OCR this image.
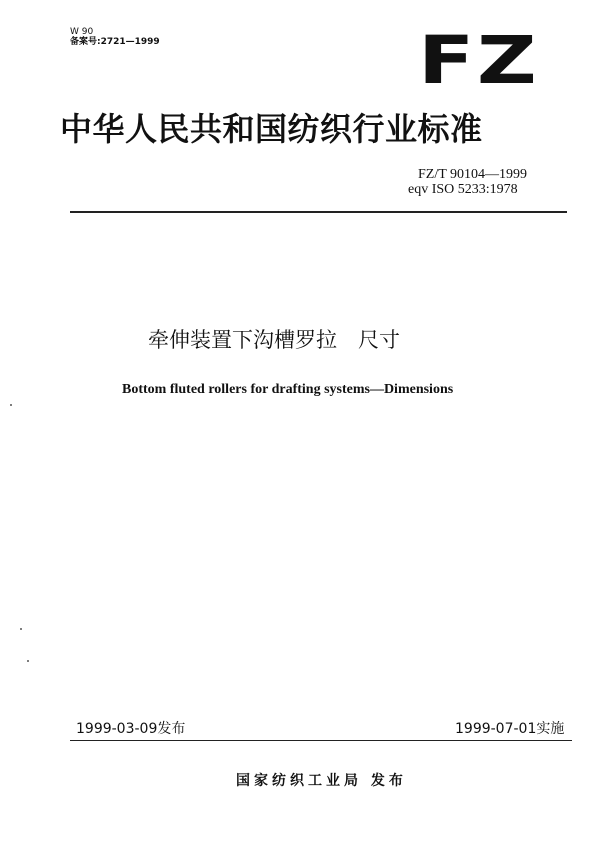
W 90
备案号:2721—1999	FZ
中华人民共和国纺织行业标准
FZ/T 90104—1999
eqv ISO 5233:1978
牵伸装置下沟槽罗拉　尺寸
Bottom fluted rollers for drafting systems—Dimensions
1999-03-09发布	1999-07-01实施
国家纺织工业局 发布
